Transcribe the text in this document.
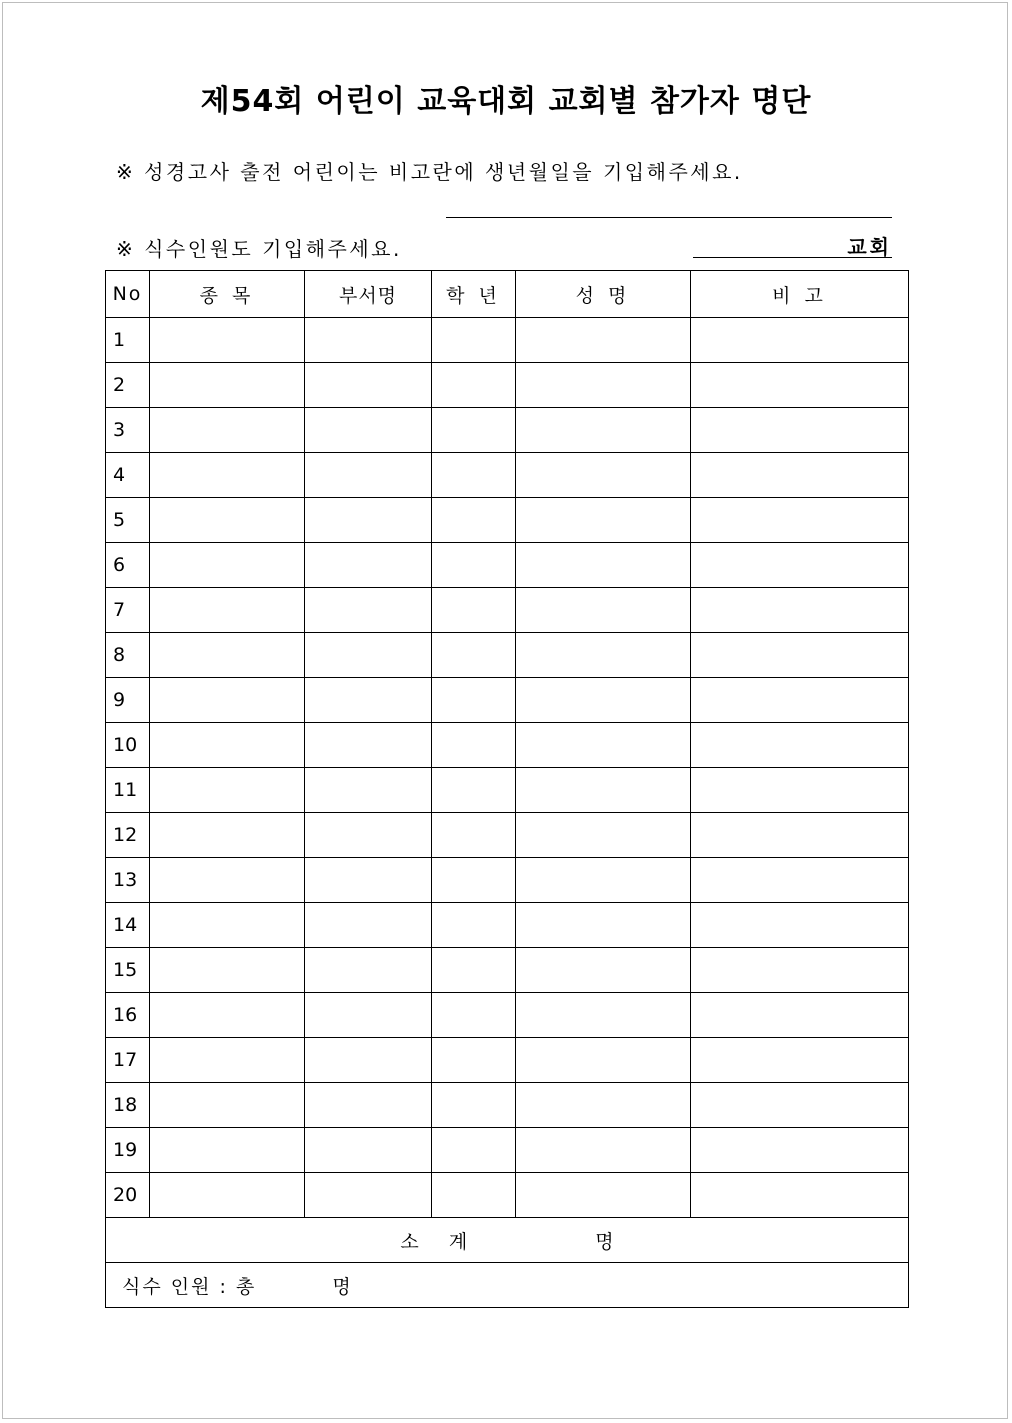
제54회 어린이 교육대회 교회별 참가자 명단
※ 성경고사 출전 어린이는 비고란에 생년월일을 기입해주세요.
※ 식수인원도 기입해주세요.	교회
No	종 목	부서명	학 년	성 명	비 고
1					
2					
3					
4					
5					
6					
7					
8					
9					
10					
11					
12					
13					
14					
15					
16					
17					
18					
19					
20					
소 계 명					
식수 인원 : 총 명					
